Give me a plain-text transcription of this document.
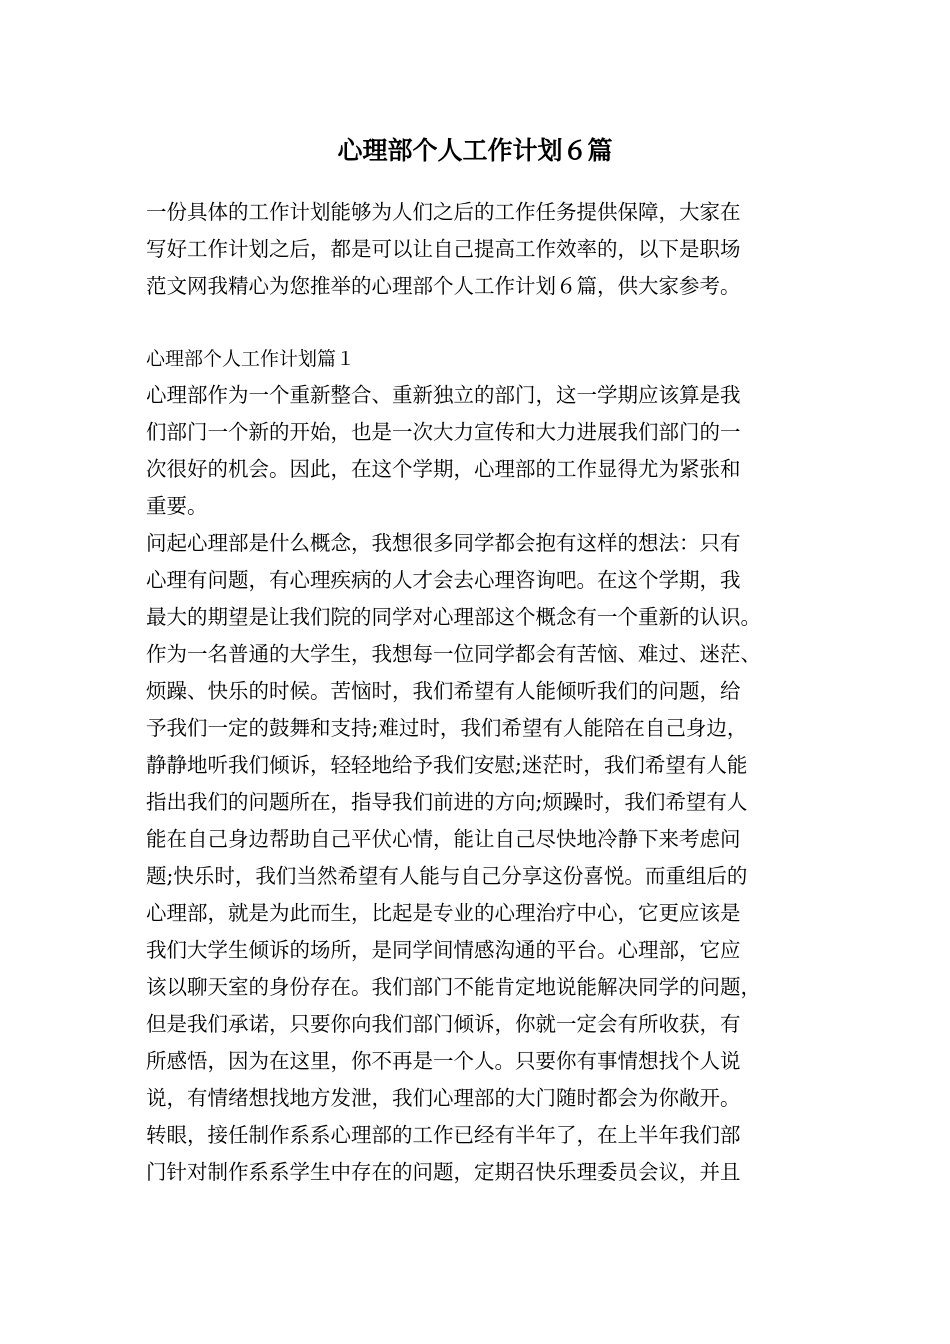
心理部个人工作计划６篇
一份具体的工作计划能够为人们之后的工作任务提供保障，大家在
写好工作计划之后，都是可以让自己提高工作效率的，以下是职场
范文网我精心为您推举的心理部个人工作计划６篇，供大家参考。
心理部个人工作计划篇１
心理部作为一个重新整合、重新独立的部门，这一学期应该算是我
们部门一个新的开始，也是一次大力宣传和大力进展我们部门的一
次很好的机会。因此，在这个学期，心理部的工作显得尤为紧张和
重要。
问起心理部是什么概念，我想很多同学都会抱有这样的想法：只有
心理有问题，有心理疾病的人才会去心理咨询吧。在这个学期，我
最大的期望是让我们院的同学对心理部这个概念有一个重新的认识。
作为一名普通的大学生，我想每一位同学都会有苦恼、难过、迷茫、
烦躁、快乐的时候。苦恼时，我们希望有人能倾听我们的问题，给
予我们一定的鼓舞和支持;难过时，我们希望有人能陪在自己身边，
静静地听我们倾诉，轻轻地给予我们安慰;迷茫时，我们希望有人能
指出我们的问题所在，指导我们前进的方向;烦躁时，我们希望有人
能在自己身边帮助自己平伏心情，能让自己尽快地冷静下来考虑问
题;快乐时，我们当然希望有人能与自己分享这份喜悦。而重组后的
心理部，就是为此而生，比起是专业的心理治疗中心，它更应该是
我们大学生倾诉的场所，是同学间情感沟通的平台。心理部，它应
该以聊天室的身份存在。我们部门不能肯定地说能解决同学的问题，
但是我们承诺，只要你向我们部门倾诉，你就一定会有所收获，有
所感悟，因为在这里，你不再是一个人。只要你有事情想找个人说
说，有情绪想找地方发泄，我们心理部的大门随时都会为你敞开。
转眼，接任制作系系心理部的工作已经有半年了，在上半年我们部
门针对制作系系学生中存在的问题，定期召快乐理委员会议，并且
